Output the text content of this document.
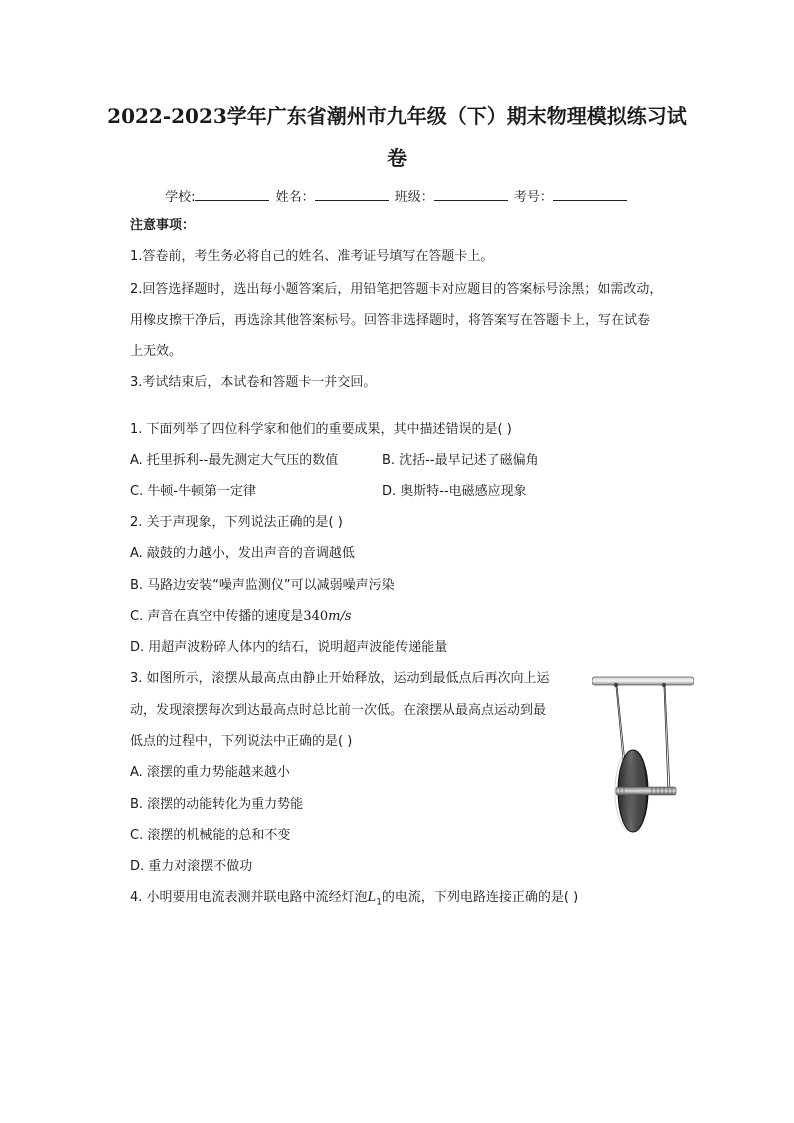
2022-2023学年广东省潮州市九年级（下）期末物理模拟练习试
卷
学校:	姓名：	班级：	考号：
注意事项：
1.答卷前，考生务必将自己的姓名、准考证号填写在答题卡上。
2.回答选择题时，选出每小题答案后，用铅笔把答题卡对应题目的答案标号涂黑；如需改动，
用橡皮擦干净后，再选涂其他答案标号。回答非选择题时，将答案写在答题卡上，写在试卷
上无效。
3.考试结束后，本试卷和答题卡一并交回。
1. 下面列举了四位科学家和他们的重要成果，其中描述错误的是( )
A. 托里拆利--最先测定大气压的数值	B. 沈括--最早记述了磁偏角
C. 牛顿-牛顿第一定律	D. 奥斯特--电磁感应现象
2. 关于声现象，下列说法正确的是( )
A. 敲鼓的力越小，发出声音的音调越低
B. 马路边安装“噪声监测仪”可以减弱噪声污染
C. 声音在真空中传播的速度是340m/s
D. 用超声波粉碎人体内的结石，说明超声波能传递能量
3. 如图所示，滚摆从最高点由静止开始释放，运动到最低点后再次向上运
动，发现滚摆每次到达最高点时总比前一次低。在滚摆从最高点运动到最
低点的过程中，下列说法中正确的是( )
A. 滚摆的重力势能越来越小
B. 滚摆的动能转化为重力势能
C. 滚摆的机械能的总和不变
D. 重力对滚摆不做功
4. 小明要用电流表测并联电路中流经灯泡$L_1$的电流，下列电路连接正确的是( )
